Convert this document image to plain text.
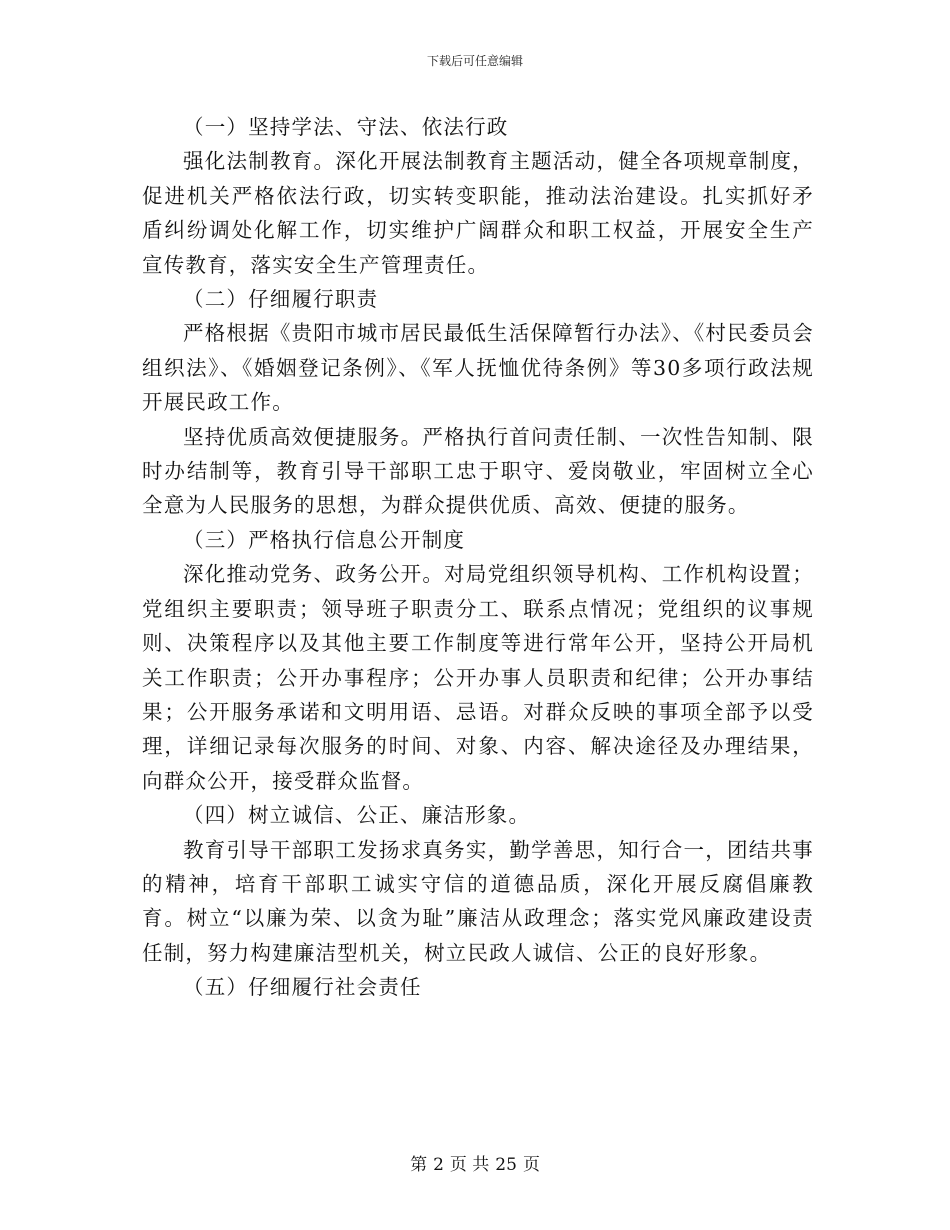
下载后可任意编辑

（一）坚持学法、守法、依法行政

强化法制教育。深化开展法制教育主题活动，健全各项规章制度，促进机关严格依法行政，切实转变职能，推动法治建设。扎实抓好矛盾纠纷调处化解工作，切实维护广阔群众和职工权益，开展安全生产宣传教育，落实安全生产管理责任。

（二）仔细履行职责

严格根据《贵阳市城市居民最低生活保障暂行办法》、《村民委员会组织法》、《婚姻登记条例》、《军人抚恤优待条例》等30多项行政法规开展民政工作。

坚持优质高效便捷服务。严格执行首问责任制、一次性告知制、限时办结制等，教育引导干部职工忠于职守、爱岗敬业，牢固树立全心全意为人民服务的思想，为群众提供优质、高效、便捷的服务。

（三）严格执行信息公开制度

深化推动党务、政务公开。对局党组织领导机构、工作机构设置；党组织主要职责；领导班子职责分工、联系点情况；党组织的议事规则、决策程序以及其他主要工作制度等进行常年公开，坚持公开局机关工作职责；公开办事程序；公开办事人员职责和纪律；公开办事结果；公开服务承诺和文明用语、忌语。对群众反映的事项全部予以受理，详细记录每次服务的时间、对象、内容、解决途径及办理结果，向群众公开，接受群众监督。

（四）树立诚信、公正、廉洁形象。

教育引导干部职工发扬求真务实，勤学善思，知行合一，团结共事的精神，培育干部职工诚实守信的道德品质，深化开展反腐倡廉教育。树立“以廉为荣、以贪为耻”廉洁从政理念；落实党风廉政建设责任制，努力构建廉洁型机关，树立民政人诚信、公正的良好形象。

（五）仔细履行社会责任

第 2 页 共 25 页
